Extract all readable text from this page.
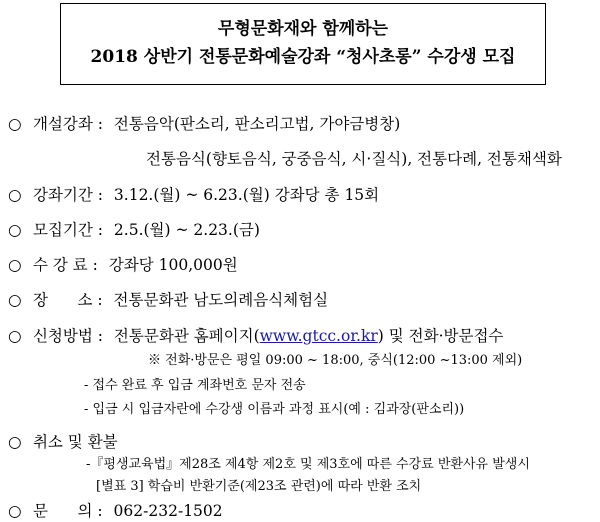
무형문화재와 함께하는
2018 상반기 전통문화예술강좌 “청사초롱” 수강생 모집
○ 개설강좌 : 전통음악(판소리, 판소리고법, 가야금병창)
전통음식(향토음식, 궁중음식, 시·질식), 전통다례, 전통채색화
○ 강좌기간 : 3.12.(월) ~ 6.23.(월) 강좌당 총 15회
○ 모집기간 : 2.5.(월) ~ 2.23.(금)
○ 수 강 료 : 강좌당 100,000원
○ 장      소 : 전통문화관 남도의례음식체험실
○ 신청방법 : 전통문화관 홈페이지(www.gtcc.or.kr) 및 전화·방문접수
※ 전화·방문은 평일 09:00 ~ 18:00, 중식(12:00 ~13:00 제외)
- 접수 완료 후 입금 계좌번호 문자 전송
- 입금 시 입금자란에 수강생 이름과 과정 표시(예 : 김과장(판소리))
○ 취소 및 환불
-『평생교육법』제28조 제4항 제2호 및 제3호에 따른 수강료 반환사유 발생시
[별표 3] 학습비 반환기준(제23조 관련)에 따라 반환 조치
○ 문      의 : 062-232-1502
